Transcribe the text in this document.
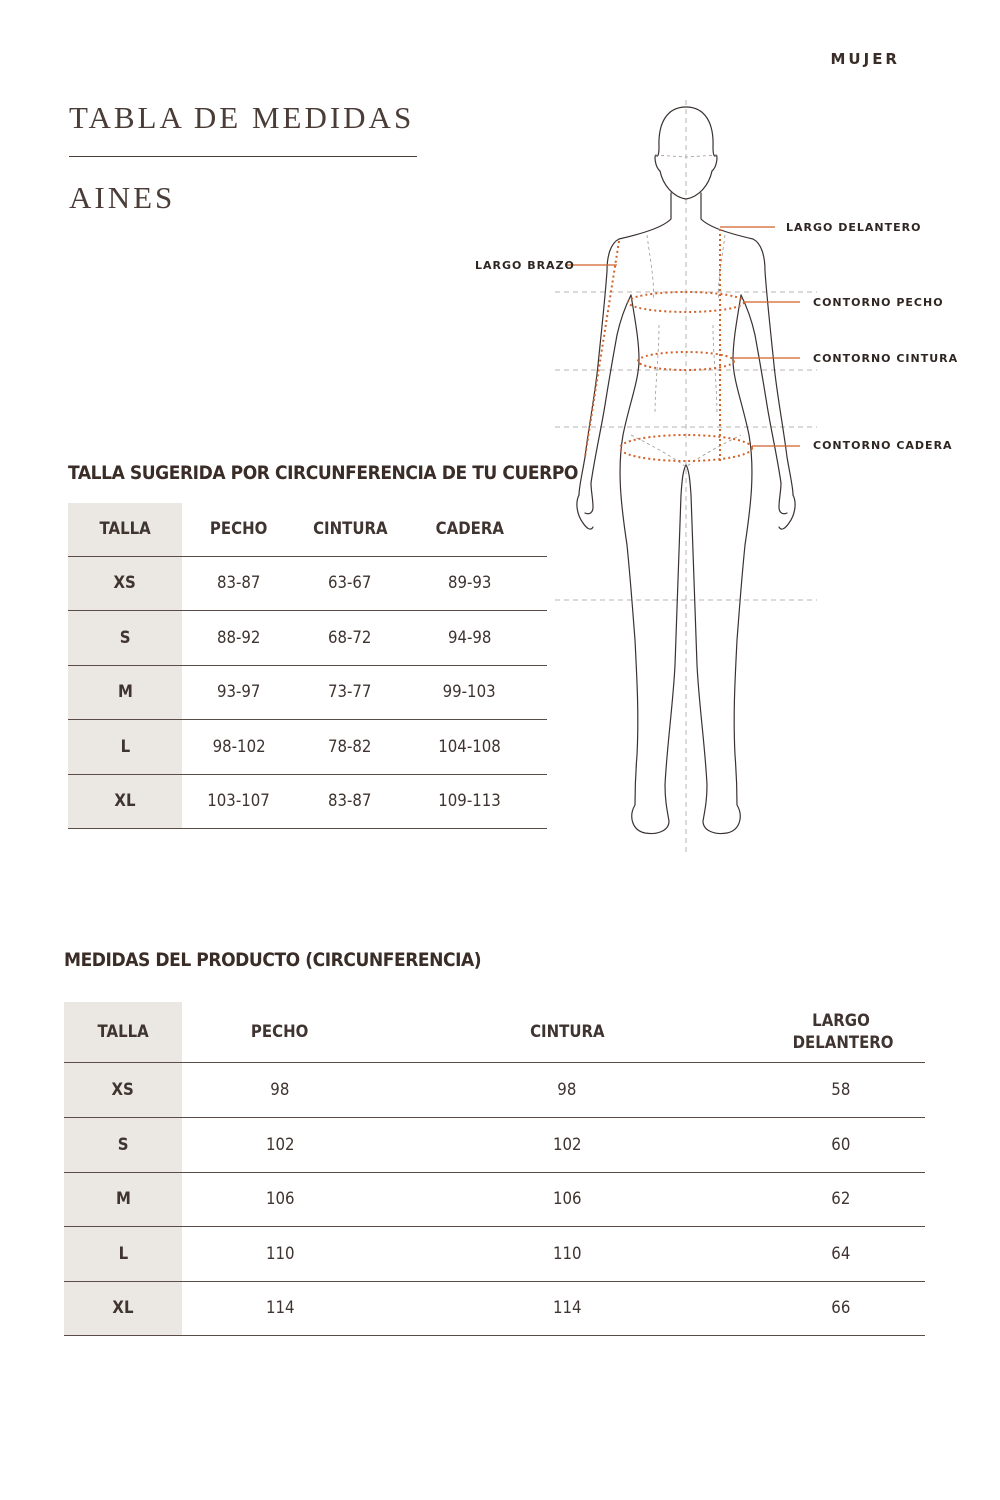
MUJER
TABLA DE MEDIDAS
AINES
LARGO DELANTERO
LARGO BRAZO
CONTORNO PECHO
CONTORNO CINTURA
CONTORNO CADERA
TALLA SUGERIDA POR CIRCUNFERENCIA DE TU CUERPO
TALLA	PECHO	CINTURA	CADERA	
XS	83-87	63-67	89-93	
S	88-92	68-72	94-98	
M	93-97	73-77	99-103	
L	98-102	78-82	104-108	
XL	103-107	83-87	109-113	
MEDIDAS DEL PRODUCTO (CIRCUNFERENCIA)
TALLA	PECHO	CINTURA	LARGO DELANTERO
XS	98	98	58
S	102	102	60
M	106	106	62
L	110	110	64
XL	114	114	66
